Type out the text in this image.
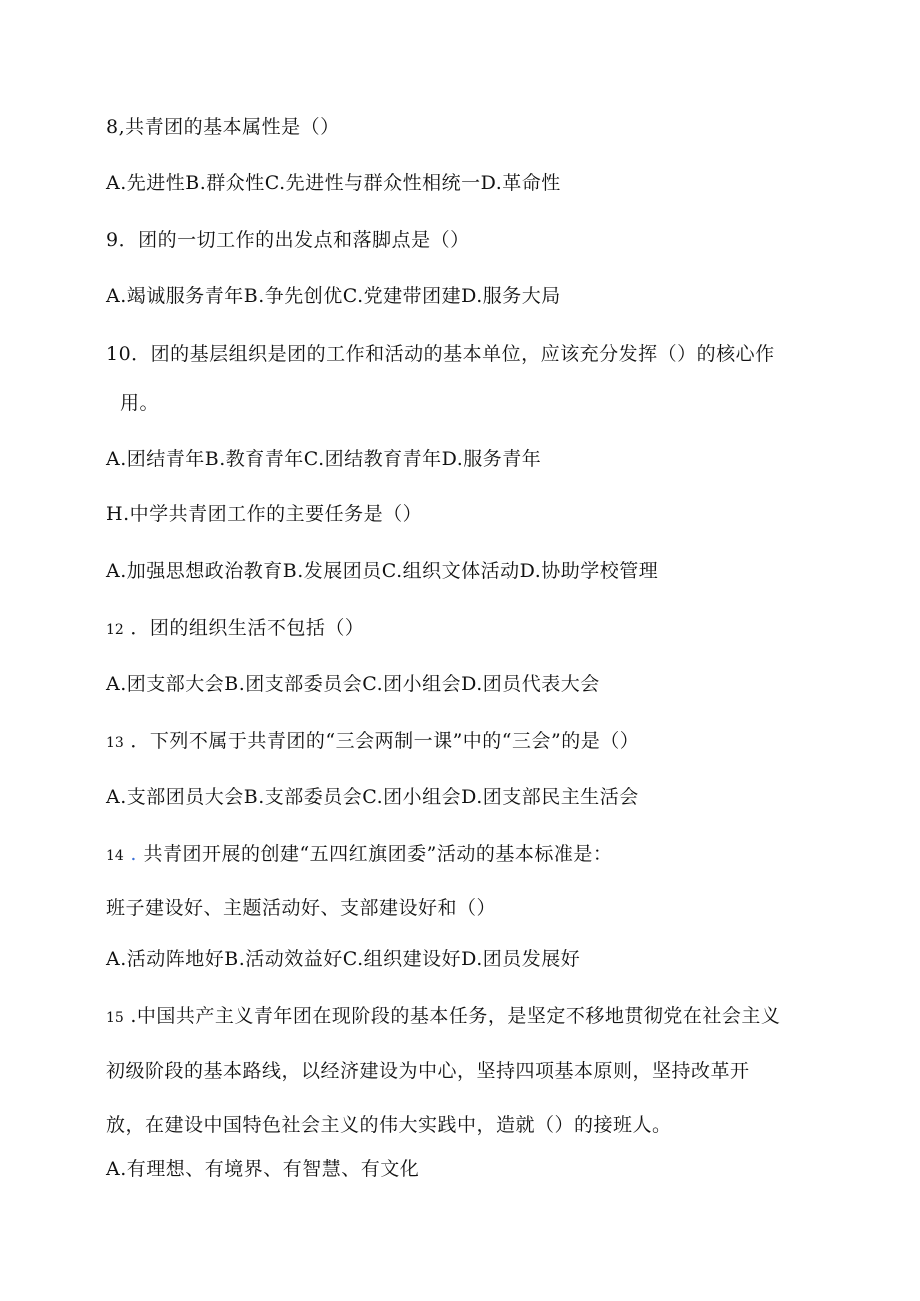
8,共青团的基本属性是（）
A.先进性B.群众性C.先进性与群众性相统一D.革命性
9．团的一切工作的出发点和落脚点是（）
A.竭诚服务青年B.争先创优C.党建带团建D.服务大局
10．团的基层组织是团的工作和活动的基本单位，应该充分发挥（）的核心作
用。
A.团结青年B.教育青年C.团结教育青年D.服务青年
H.中学共青团工作的主要任务是（）
A.加强思想政治教育B.发展团员C.组织文体活动D.协助学校管理
12 ．团的组织生活不包括（）
A.团支部大会B.团支部委员会C.团小组会D.团员代表大会
13 ．下列不属于共青团的“三会两制一课”中的“三会”的是（）
A.支部团员大会B.支部委员会C.团小组会D.团支部民主生活会
14 . 共青团开展的创建“五四红旗团委”活动的基本标准是：
班子建设好、主题活动好、支部建设好和（）
A.活动阵地好B.活动效益好C.组织建设好D.团员发展好
15 .中国共产主义青年团在现阶段的基本任务，是坚定不移地贯彻党在社会主义
初级阶段的基本路线，以经济建设为中心，坚持四项基本原则，坚持改革开
放，在建设中国特色社会主义的伟大实践中，造就（）的接班人。
A.有理想、有境界、有智慧、有文化
